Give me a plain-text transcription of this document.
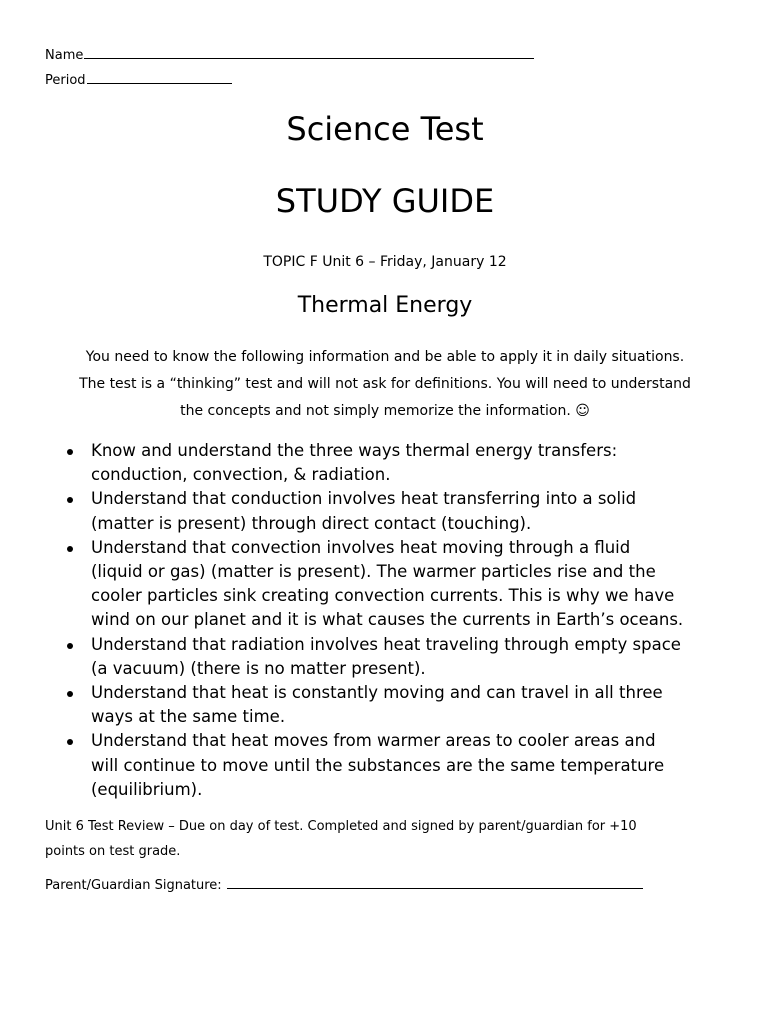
Name
Period
Science Test
STUDY GUIDE
TOPIC F Unit 6 – Friday, January 12
Thermal Energy
You need to know the following information and be able to apply it in daily situations.
The test is a “thinking” test and will not ask for definitions. You will need to understand
the concepts and not simply memorize the information. ☺
Know and understand the three ways thermal energy transfers:
conduction, convection, & radiation.
Understand that conduction involves heat transferring into a solid
(matter is present) through direct contact (touching).
Understand that convection involves heat moving through a fluid
(liquid or gas) (matter is present). The warmer particles rise and the
cooler particles sink creating convection currents. This is why we have
wind on our planet and it is what causes the currents in Earth’s oceans.
Understand that radiation involves heat traveling through empty space
(a vacuum) (there is no matter present).
Understand that heat is constantly moving and can travel in all three
ways at the same time.
Understand that heat moves from warmer areas to cooler areas and
will continue to move until the substances are the same temperature
(equilibrium).
Unit 6 Test Review – Due on day of test. Completed and signed by parent/guardian for +10
points on test grade.
Parent/Guardian Signature:
